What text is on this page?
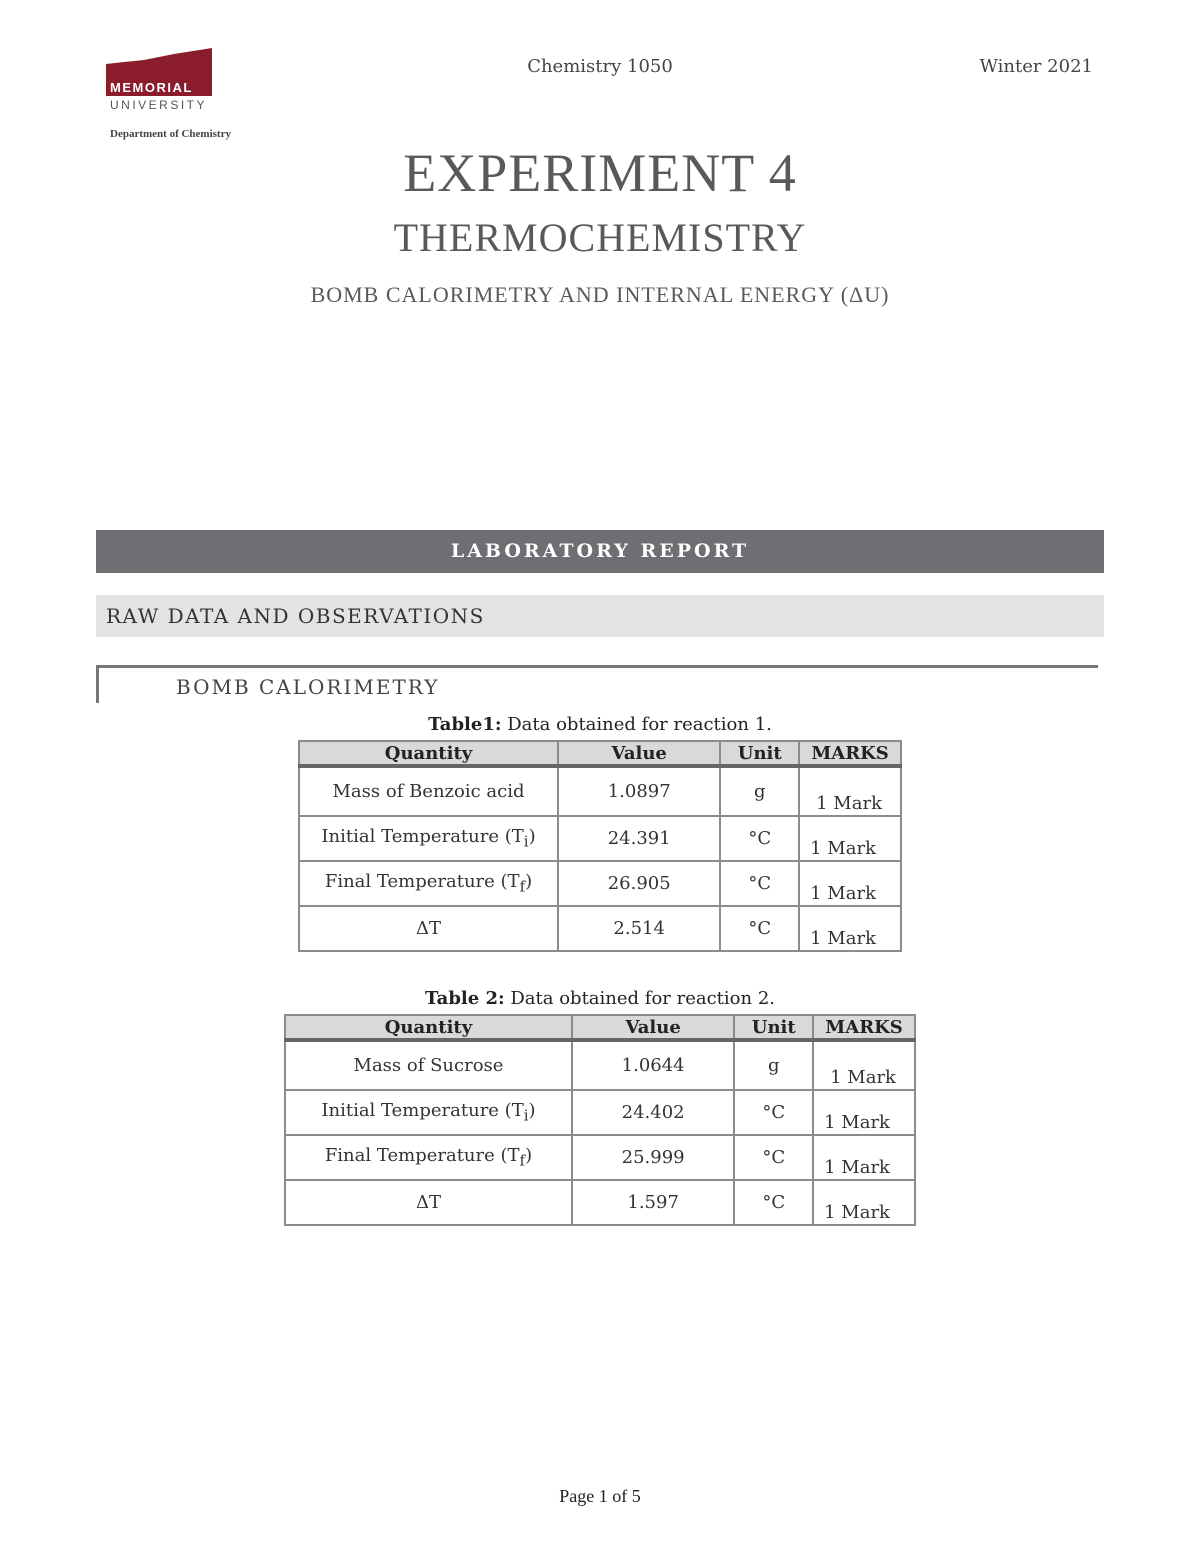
MEMORIAL
UNIVERSITY
Department of Chemistry
Chemistry 1050	Winter 2021
EXPERIMENT 4
THERMOCHEMISTRY
BOMB CALORIMETRY AND INTERNAL ENERGY (ΔU)
LABORATORY REPORT
RAW DATA AND OBSERVATIONS
BOMB CALORIMETRY
Table1: Data obtained for reaction 1.
Quantity	Value	Unit	MARKS
Mass of Benzoic acid	1.0897	g	1 Mark
Initial Temperature $(T_i)$	24.391	°C	1 Mark
Final Temperature $(T_f)$	26.905	°C	1 Mark
ΔT	2.514	°C	1 Mark
Table 2: Data obtained for reaction 2.
Quantity	Value	Unit	MARKS
Mass of Sucrose	1.0644	g	1 Mark
Initial Temperature $(T_i)$	24.402	°C	1 Mark
Final Temperature $(T_f)$	25.999	°C	1 Mark
ΔT	1.597	°C	1 Mark
Page 1 of 5
